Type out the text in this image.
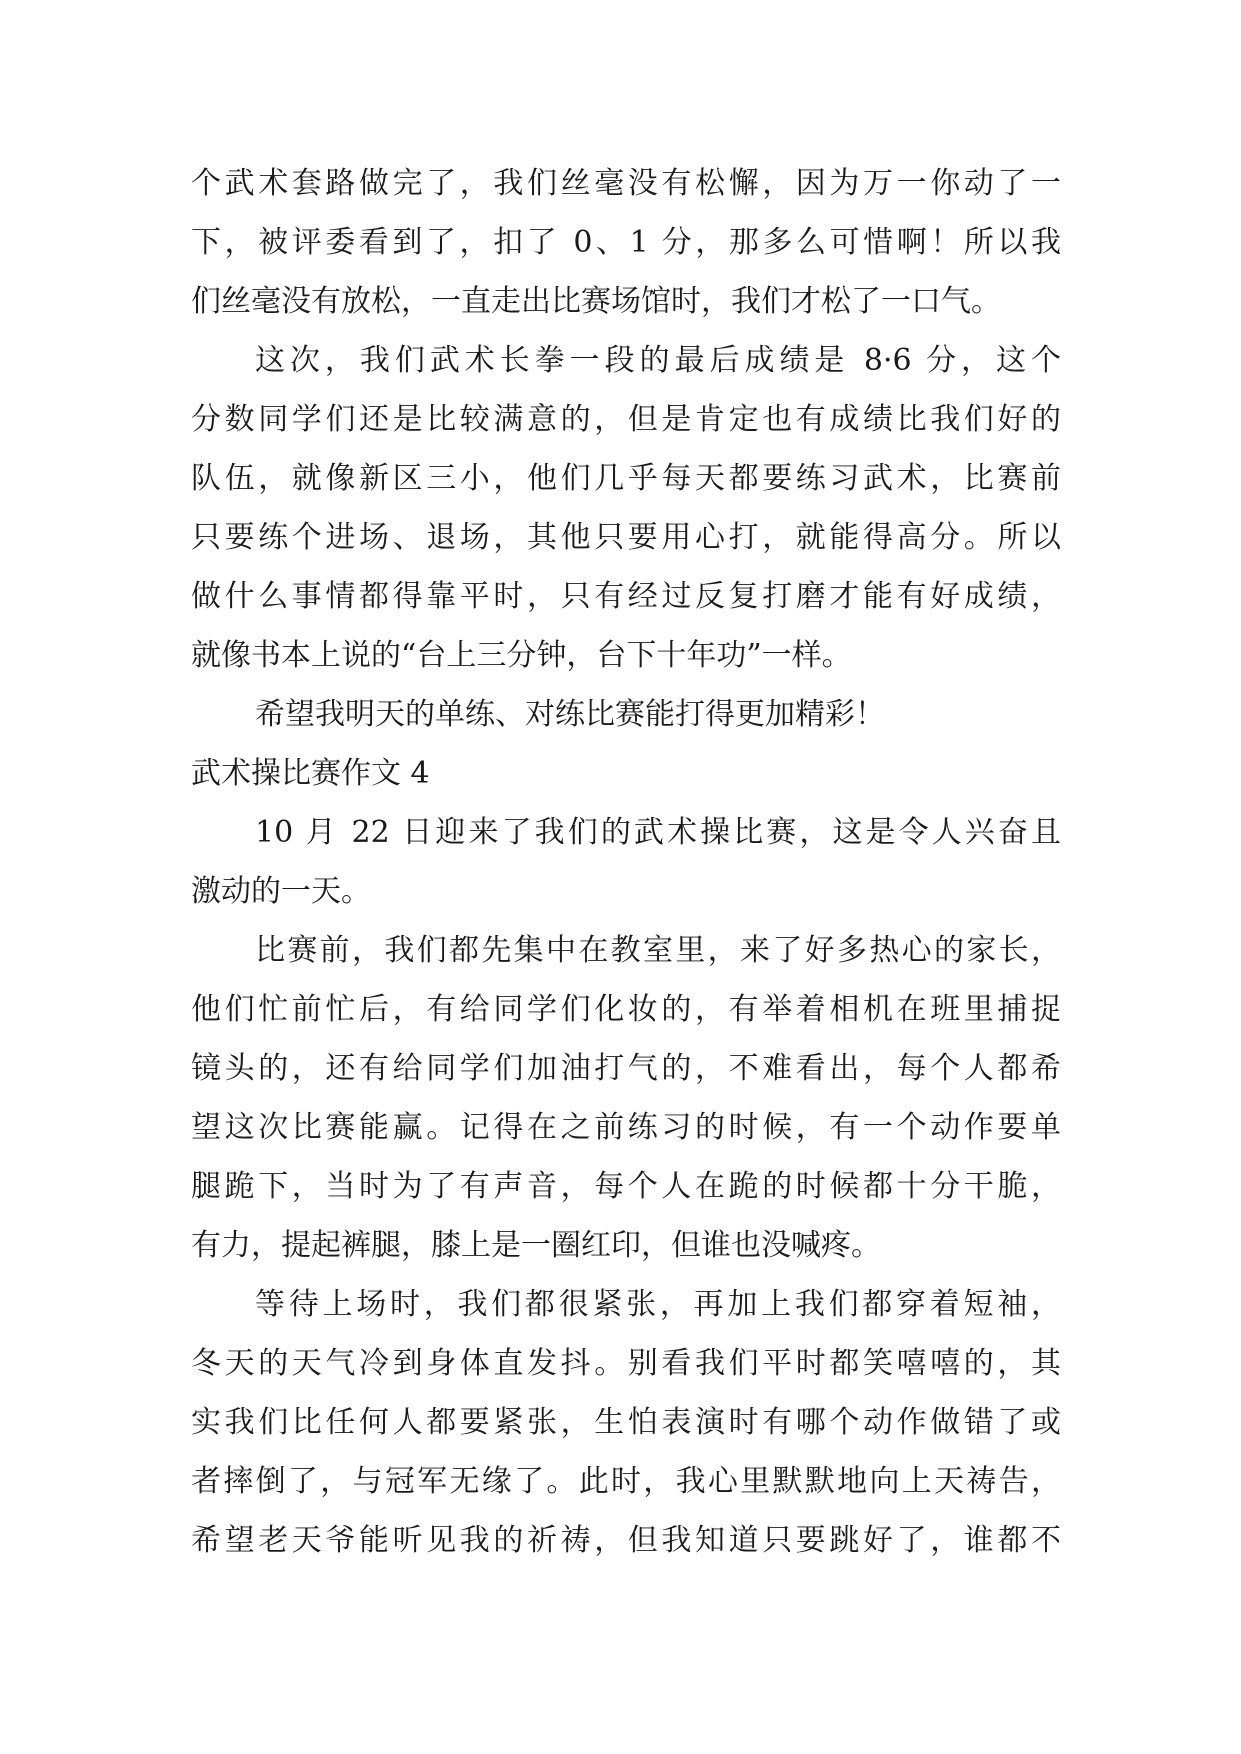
个武术套路做完了，我们丝毫没有松懈，因为万一你动了一
下，被评委看到了，扣了 0、1 分，那多么可惜啊！所以我
们丝毫没有放松，一直走出比赛场馆时，我们才松了一口气。
这次，我们武术长拳一段的最后成绩是 8·6 分，这个
分数同学们还是比较满意的，但是肯定也有成绩比我们好的
队伍，就像新区三小，他们几乎每天都要练习武术，比赛前
只要练个进场、退场，其他只要用心打，就能得高分。所以
做什么事情都得靠平时，只有经过反复打磨才能有好成绩，
就像书本上说的“台上三分钟，台下十年功”一样。
希望我明天的单练、对练比赛能打得更加精彩！
武术操比赛作文 4
10 月 22 日迎来了我们的武术操比赛，这是令人兴奋且
激动的一天。
比赛前，我们都先集中在教室里，来了好多热心的家长，
他们忙前忙后，有给同学们化妆的，有举着相机在班里捕捉
镜头的，还有给同学们加油打气的，不难看出，每个人都希
望这次比赛能赢。记得在之前练习的时候，有一个动作要单
腿跪下，当时为了有声音，每个人在跪的时候都十分干脆，
有力，提起裤腿，膝上是一圈红印，但谁也没喊疼。
等待上场时，我们都很紧张，再加上我们都穿着短袖，
冬天的天气冷到身体直发抖。别看我们平时都笑嘻嘻的，其
实我们比任何人都要紧张，生怕表演时有哪个动作做错了或
者摔倒了，与冠军无缘了。此时，我心里默默地向上天祷告，
希望老天爷能听见我的祈祷，但我知道只要跳好了，谁都不
